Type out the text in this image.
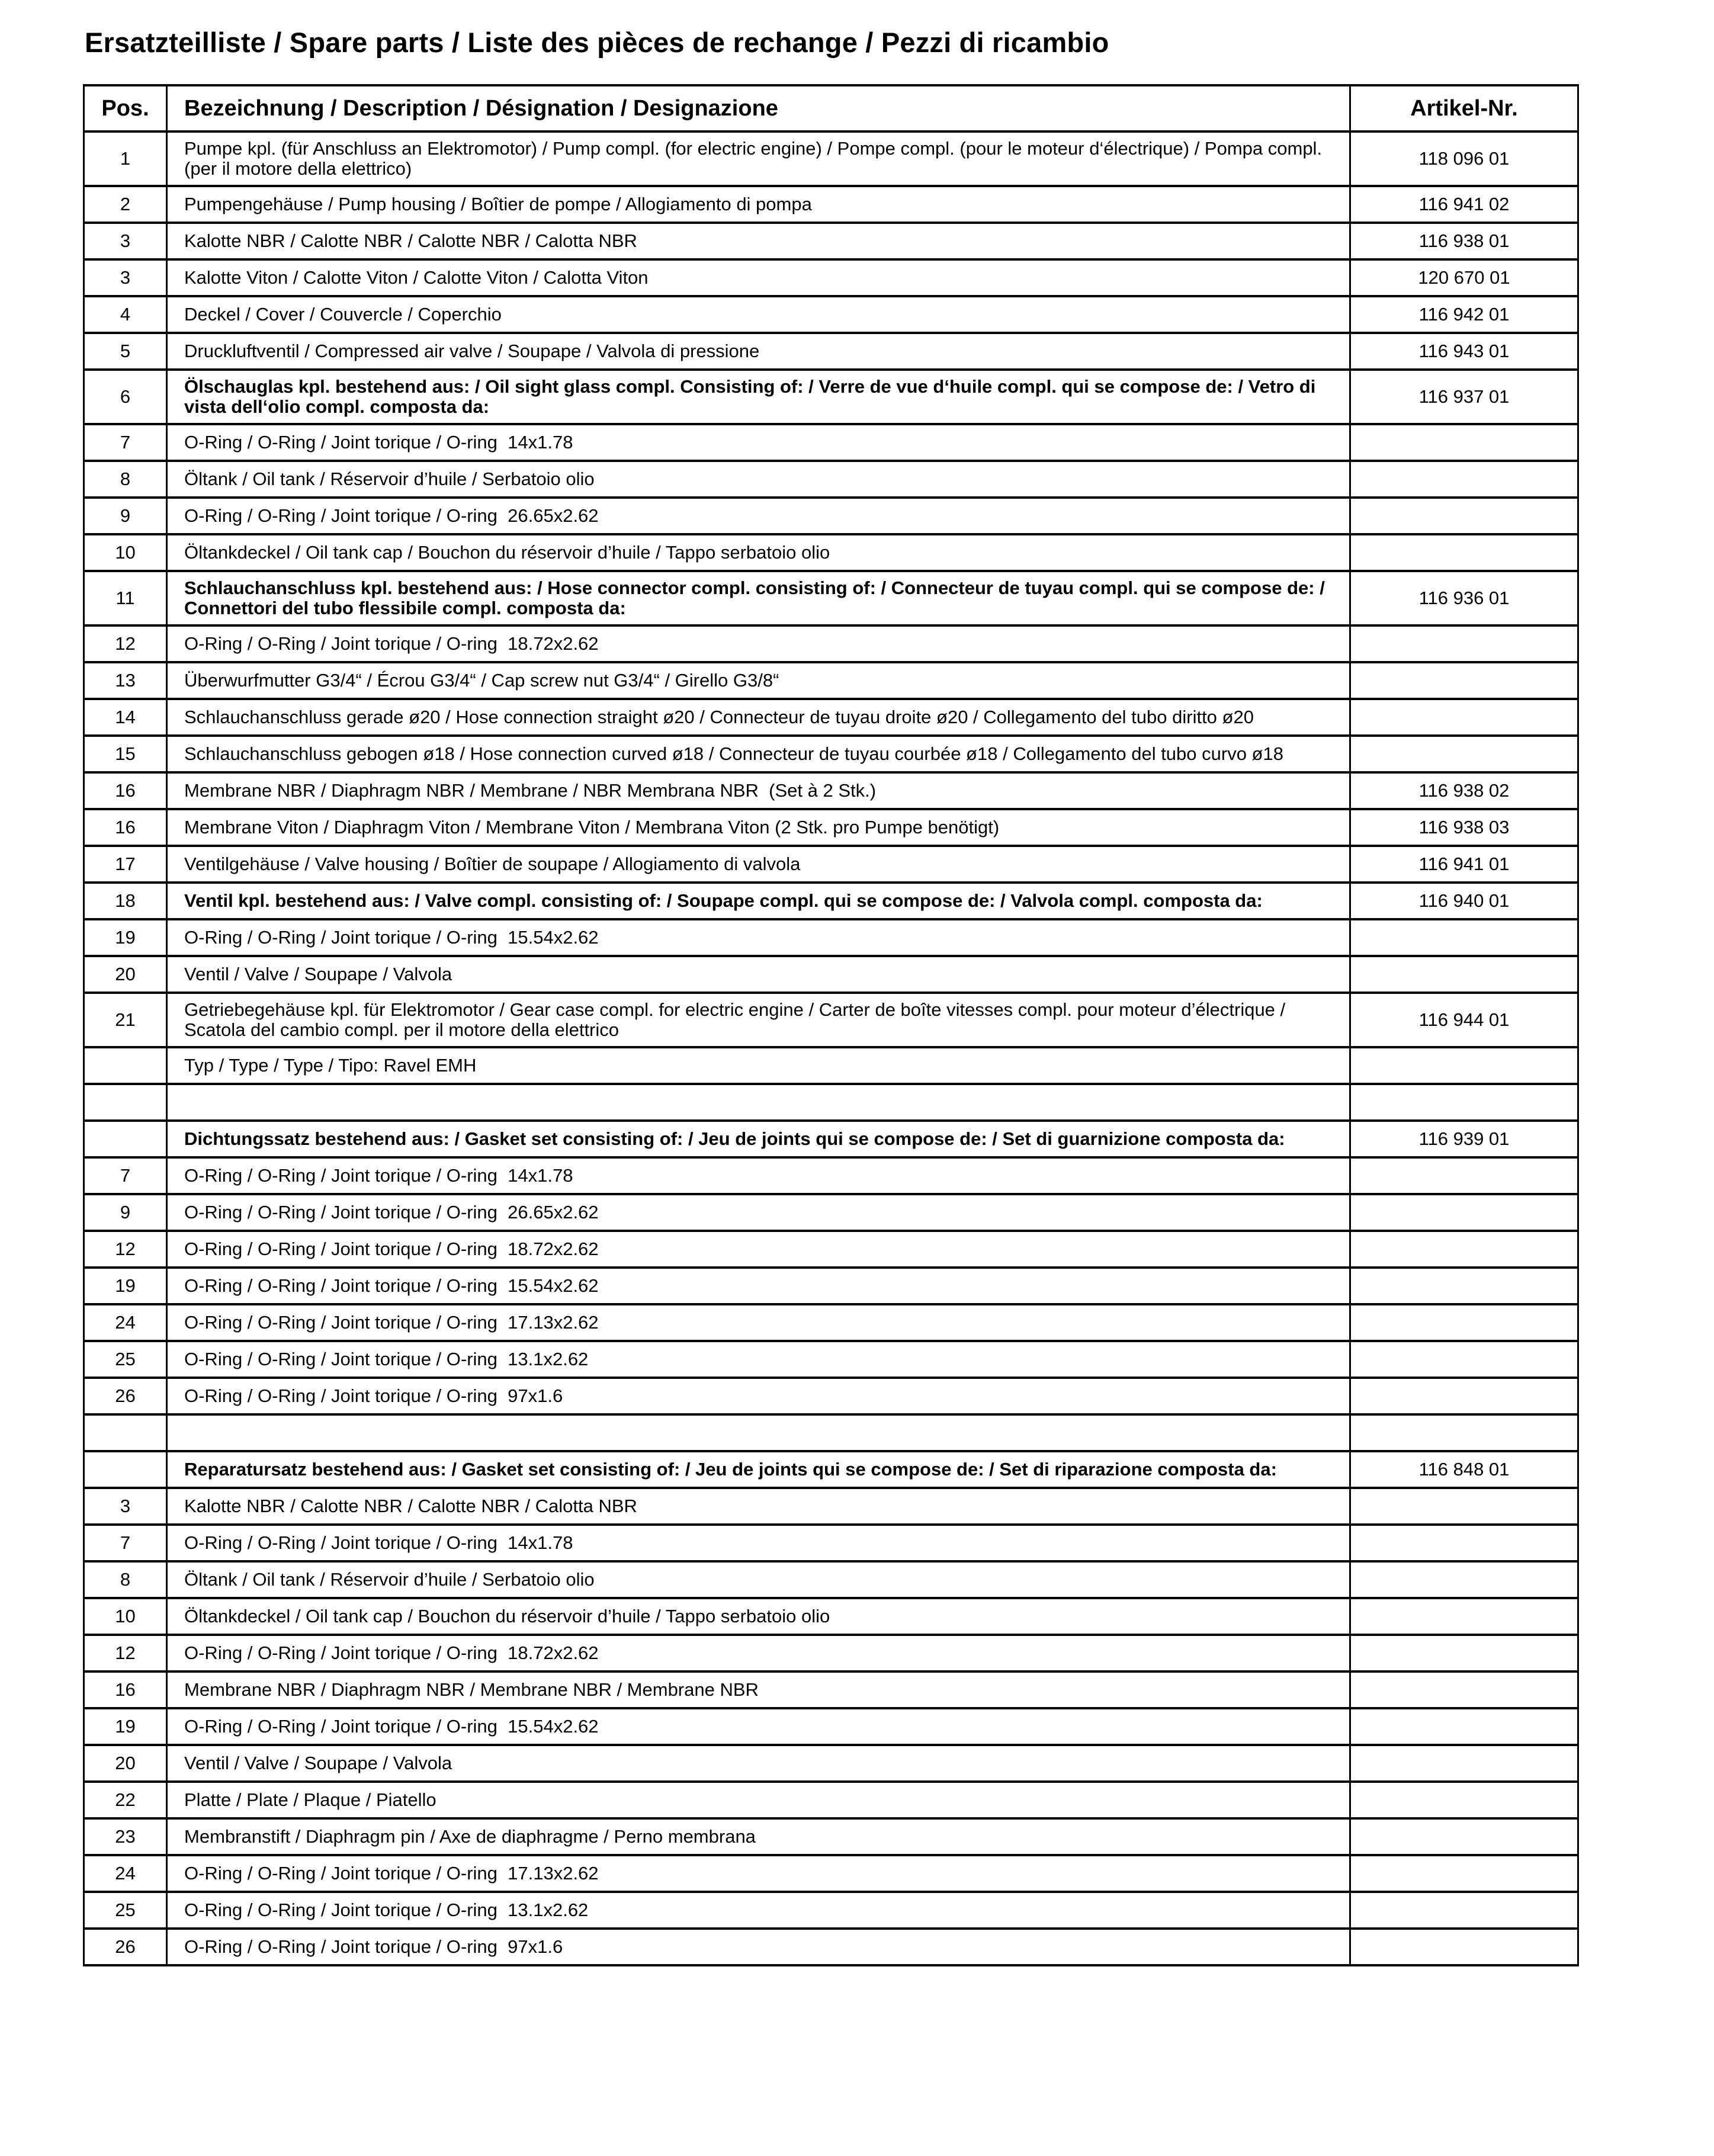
Ersatzteilliste / Spare parts / Liste des pièces de rechange / Pezzi di ricambio
Pos.	Bezeichnung / Description / Désignation / Designazione	Artikel-Nr.
1	Pumpe kpl. (für Anschluss an Elektromotor) / Pump compl. (for electric engine) / Pompe compl. (pour le moteur d‘électrique) / Pompa compl. (per il motore della elettrico)	118 096 01
2	Pumpengehäuse / Pump housing / Boîtier de pompe / Allogiamento di pompa	116 941 02
3	Kalotte NBR / Calotte NBR / Calotte NBR / Calotta NBR	116 938 01
3	Kalotte Viton / Calotte Viton / Calotte Viton / Calotta Viton	120 670 01
4	Deckel / Cover / Couvercle / Coperchio	116 942 01
5	Druckluftventil / Compressed air valve / Soupape / Valvola di pressione	116 943 01
6	Ölschauglas kpl. bestehend aus: / Oil sight glass compl. Consisting of: / Verre de vue d‘huile compl. qui se compose de: / Vetro di vista dell‘olio compl. composta da:	116 937 01
7	O-Ring / O-Ring / Joint torique / O-ring  14x1.78	
8	Öltank / Oil tank / Réservoir d’huile / Serbatoio olio	
9	O-Ring / O-Ring / Joint torique / O-ring  26.65x2.62	
10	Öltankdeckel / Oil tank cap / Bouchon du réservoir d’huile / Tappo serbatoio olio	
11	Schlauchanschluss kpl. bestehend aus: / Hose connector compl. consisting of: / Connecteur de tuyau compl. qui se compose de: / Connettori del tubo flessibile compl. composta da:	116 936 01
12	O-Ring / O-Ring / Joint torique / O-ring  18.72x2.62	
13	Überwurfmutter G3/4“ / Écrou G3/4“ / Cap screw nut G3/4“ / Girello G3/8“	
14	Schlauchanschluss gerade ø20 / Hose connection straight ø20 / Connecteur de tuyau droite ø20 / Collegamento del tubo diritto ø20	
15	Schlauchanschluss gebogen ø18 / Hose connection curved ø18 / Connecteur de tuyau courbée ø18 / Collegamento del tubo curvo ø18	
16	Membrane NBR / Diaphragm NBR / Membrane / NBR Membrana NBR  (Set à 2 Stk.)	116 938 02
16	Membrane Viton / Diaphragm Viton / Membrane Viton / Membrana Viton (2 Stk. pro Pumpe benötigt)	116 938 03
17	Ventilgehäuse / Valve housing / Boîtier de soupape / Allogiamento di valvola	116 941 01
18	Ventil kpl. bestehend aus: / Valve compl. consisting of: / Soupape compl. qui se compose de: / Valvola compl. composta da:	116 940 01
19	O-Ring / O-Ring / Joint torique / O-ring  15.54x2.62	
20	Ventil / Valve / Soupape / Valvola	
21	Getriebegehäuse kpl. für Elektromotor / Gear case compl. for electric engine / Carter de boîte vitesses compl. pour moteur d’électrique / Scatola del cambio compl. per il motore della elettrico	116 944 01
	Typ / Type / Type / Tipo: Ravel EMH	

	Dichtungssatz bestehend aus: / Gasket set consisting of: / Jeu de joints qui se compose de: / Set di guarnizione composta da:	116 939 01
7	O-Ring / O-Ring / Joint torique / O-ring  14x1.78	
9	O-Ring / O-Ring / Joint torique / O-ring  26.65x2.62	
12	O-Ring / O-Ring / Joint torique / O-ring  18.72x2.62	
19	O-Ring / O-Ring / Joint torique / O-ring  15.54x2.62	
24	O-Ring / O-Ring / Joint torique / O-ring  17.13x2.62	
25	O-Ring / O-Ring / Joint torique / O-ring  13.1x2.62	
26	O-Ring / O-Ring / Joint torique / O-ring  97x1.6	

	Reparatursatz bestehend aus: / Gasket set consisting of: / Jeu de joints qui se compose de: / Set di riparazione composta da:	116 848 01
3	Kalotte NBR / Calotte NBR / Calotte NBR / Calotta NBR	
7	O-Ring / O-Ring / Joint torique / O-ring  14x1.78	
8	Öltank / Oil tank / Réservoir d’huile / Serbatoio olio	
10	Öltankdeckel / Oil tank cap / Bouchon du réservoir d’huile / Tappo serbatoio olio	
12	O-Ring / O-Ring / Joint torique / O-ring  18.72x2.62	
16	Membrane NBR / Diaphragm NBR / Membrane NBR / Membrane NBR	
19	O-Ring / O-Ring / Joint torique / O-ring  15.54x2.62	
20	Ventil / Valve / Soupape / Valvola	
22	Platte / Plate / Plaque / Piatello	
23	Membranstift / Diaphragm pin / Axe de diaphragme / Perno membrana	
24	O-Ring / O-Ring / Joint torique / O-ring  17.13x2.62	
25	O-Ring / O-Ring / Joint torique / O-ring  13.1x2.62	
26	O-Ring / O-Ring / Joint torique / O-ring  97x1.6	
